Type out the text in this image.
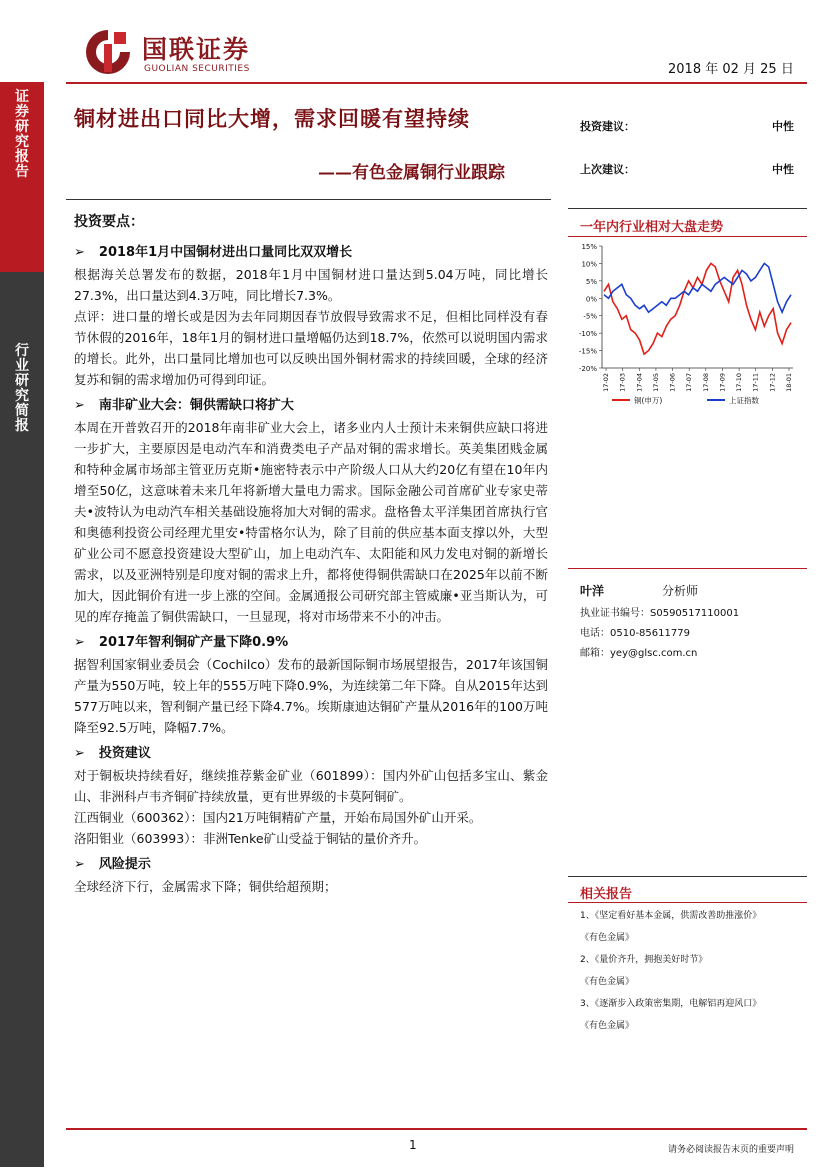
证券研究报告
行业研究简报
国联证券
GUOLIAN SECURITIES	2018 年 02 月 25 日
铜材进出口同比大增，需求回暖有望持续
——有色金属铜行业跟踪
投资建议：	中性
上次建议：	中性
投资要点：
➢ 2018年1月中国铜材进出口量同比双双增长
根据海关总署发布的数据，2018年1月中国铜材进口量达到5.04万吨，同比增长27.3%，出口量达到4.3万吨，同比增长7.3%。
点评：进口量的增长或是因为去年同期因春节放假导致需求不足，但相比同样没有春节休假的2016年，18年1月的铜材进口量增幅仍达到18.7%，依然可以说明国内需求的增长。此外，出口量同比增加也可以反映出国外铜材需求的持续回暖，全球的经济复苏和铜的需求增加仍可得到印证。
➢ 南非矿业大会：铜供需缺口将扩大
本周在开普敦召开的2018年南非矿业大会上，诸多业内人士预计未来铜供应缺口将进一步扩大，主要原因是电动汽车和消费类电子产品对铜的需求增长。英美集团贱金属和特种金属市场部主管亚历克斯•施密特表示中产阶级人口从大约20亿有望在10年内增至50亿，这意味着未来几年将新增大量电力需求。国际金融公司首席矿业专家史蒂夫•波特认为电动汽车相关基础设施将加大对铜的需求。盘格鲁太平洋集团首席执行官和奥德利投资公司经理尤里安•特雷格尔认为，除了目前的供应基本面支撑以外，大型矿业公司不愿意投资建设大型矿山，加上电动汽车、太阳能和风力发电对铜的新增长需求，以及亚洲特别是印度对铜的需求上升，都将使得铜供需缺口在2025年以前不断加大，因此铜价有进一步上涨的空间。金属通报公司研究部主管威廉•亚当斯认为，可见的库存掩盖了铜供需缺口，一旦显现，将对市场带来不小的冲击。
➢ 2017年智利铜矿产量下降0.9%
据智利国家铜业委员会（Cochilco）发布的最新国际铜市场展望报告，2017年该国铜产量为550万吨，较上年的555万吨下降0.9%，为连续第二年下降。自从2015年达到577万吨以来，智利铜产量已经下降4.7%。埃斯康迪达铜矿产量从2016年的100万吨降至92.5万吨，降幅7.7%。
➢ 投资建议
对于铜板块持续看好，继续推荐紫金矿业（601899）：国内外矿山包括多宝山、紫金山、非洲科卢韦齐铜矿持续放量，更有世界级的卡莫阿铜矿。
江西铜业（600362）：国内21万吨铜精矿产量，开始布局国外矿山开采。
洛阳钼业（603993）：非洲Tenke矿山受益于铜钴的量价齐升。
➢ 风险提示
全球经济下行，金属需求下降；铜供给超预期；
一年内行业相对大盘走势
15%
10%
5%
0%
-5%
-10%
-15%
-20%
17-02 17-03 17-04 17-05 17-06 17-07 17-08 17-09 17-10 17-11 17-12 18-01
铜(申万)	上证指数
叶洋	分析师
执业证书编号：S0590517110001
电话：0510-85611779
邮箱：yey@glsc.com.cn
相关报告
1、《坚定看好基本金属，供需改善助推涨价》
《有色金属》
2、《量价齐升，拥抱美好时节》
《有色金属》
3、《逐渐步入政策密集期，电解铝再迎风口》
《有色金属》
1	请务必阅读报告末页的重要声明
